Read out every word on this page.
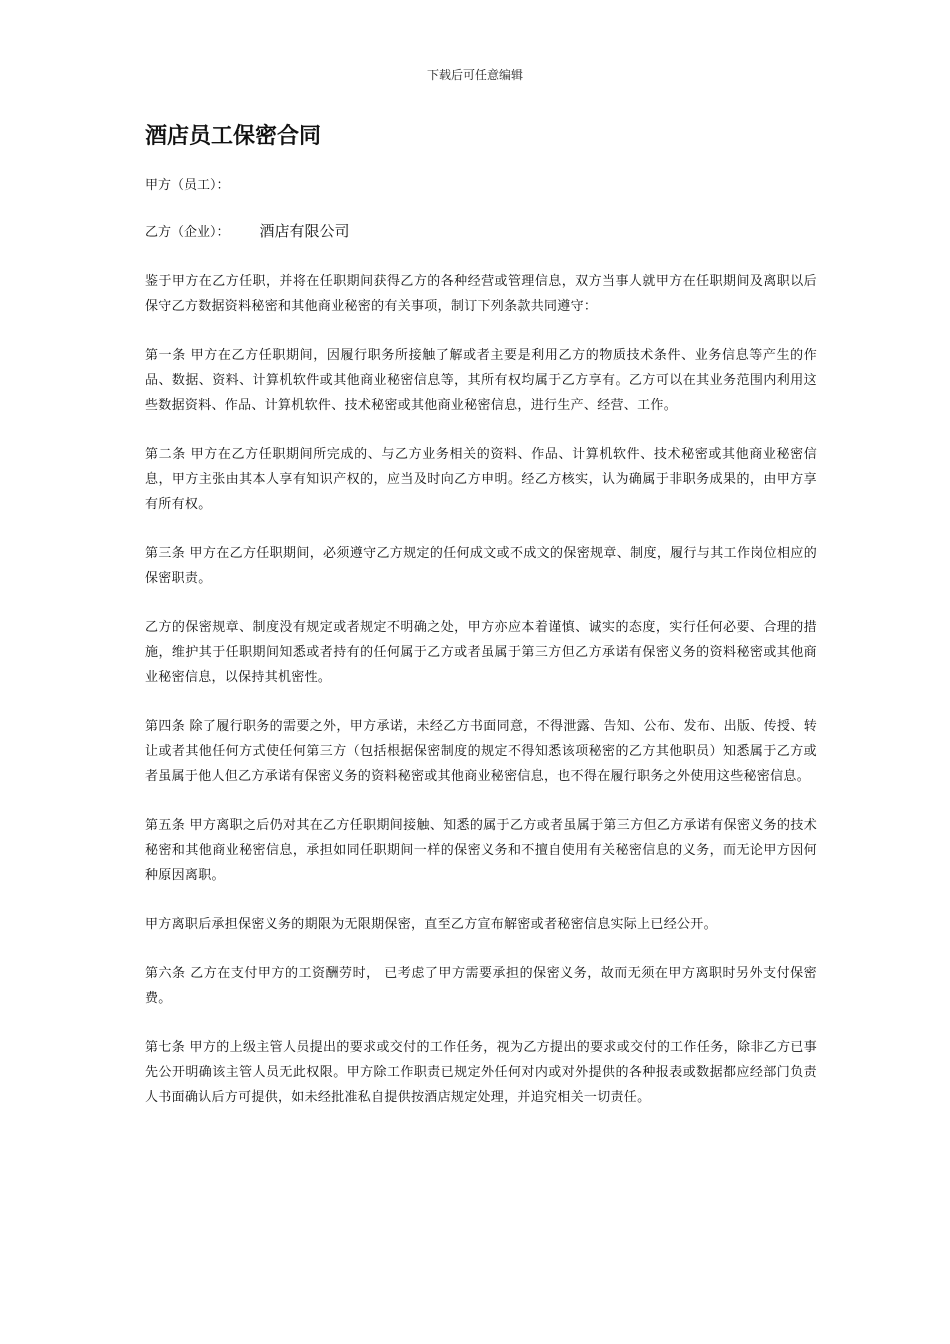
下载后可任意编辑
酒店员工保密合同
甲方（员工）：
乙方（企业）： 酒店有限公司

鉴于甲方在乙方任职，并将在任职期间获得乙方的各种经营或管理信息，双方当事人就甲方在任职期间及离职以后保守乙方数据资料秘密和其他商业秘密的有关事项，制订下列条款共同遵守：

第一条 甲方在乙方任职期间，因履行职务所接触了解或者主要是利用乙方的物质技术条件、业务信息等产生的作品、数据、资料、计算机软件或其他商业秘密信息等，其所有权均属于乙方享有。乙方可以在其业务范围内利用这些数据资料、作品、计算机软件、技术秘密或其他商业秘密信息，进行生产、经营、工作。

第二条 甲方在乙方任职期间所完成的、与乙方业务相关的资料、作品、计算机软件、技术秘密或其他商业秘密信息，甲方主张由其本人享有知识产权的，应当及时向乙方申明。经乙方核实，认为确属于非职务成果的，由甲方享有所有权。

第三条 甲方在乙方任职期间，必须遵守乙方规定的任何成文或不成文的保密规章、制度，履行与其工作岗位相应的保密职责。

乙方的保密规章、制度没有规定或者规定不明确之处，甲方亦应本着谨慎、诚实的态度，实行任何必要、合理的措施，维护其于任职期间知悉或者持有的任何属于乙方或者虽属于第三方但乙方承诺有保密义务的资料秘密或其他商业秘密信息，以保持其机密性。

第四条 除了履行职务的需要之外，甲方承诺，未经乙方书面同意，不得泄露、告知、公布、发布、出版、传授、转让或者其他任何方式使任何第三方（包括根据保密制度的规定不得知悉该项秘密的乙方其他职员）知悉属于乙方或者虽属于他人但乙方承诺有保密义务的资料秘密或其他商业秘密信息，也不得在履行职务之外使用这些秘密信息。

第五条 甲方离职之后仍对其在乙方任职期间接触、知悉的属于乙方或者虽属于第三方但乙方承诺有保密义务的技术秘密和其他商业秘密信息，承担如同任职期间一样的保密义务和不擅自使用有关秘密信息的义务，而无论甲方因何种原因离职。

甲方离职后承担保密义务的期限为无限期保密，直至乙方宣布解密或者秘密信息实际上已经公开。

第六条 乙方在支付甲方的工资酬劳时， 已考虑了甲方需要承担的保密义务，故而无须在甲方离职时另外支付保密费。

第七条 甲方的上级主管人员提出的要求或交付的工作任务，视为乙方提出的要求或交付的工作任务，除非乙方已事先公开明确该主管人员无此权限。甲方除工作职责已规定外任何对内或对外提供的各种报表或数据都应经部门负责人书面确认后方可提供，如未经批准私自提供按酒店规定处理，并追究相关一切责任。
